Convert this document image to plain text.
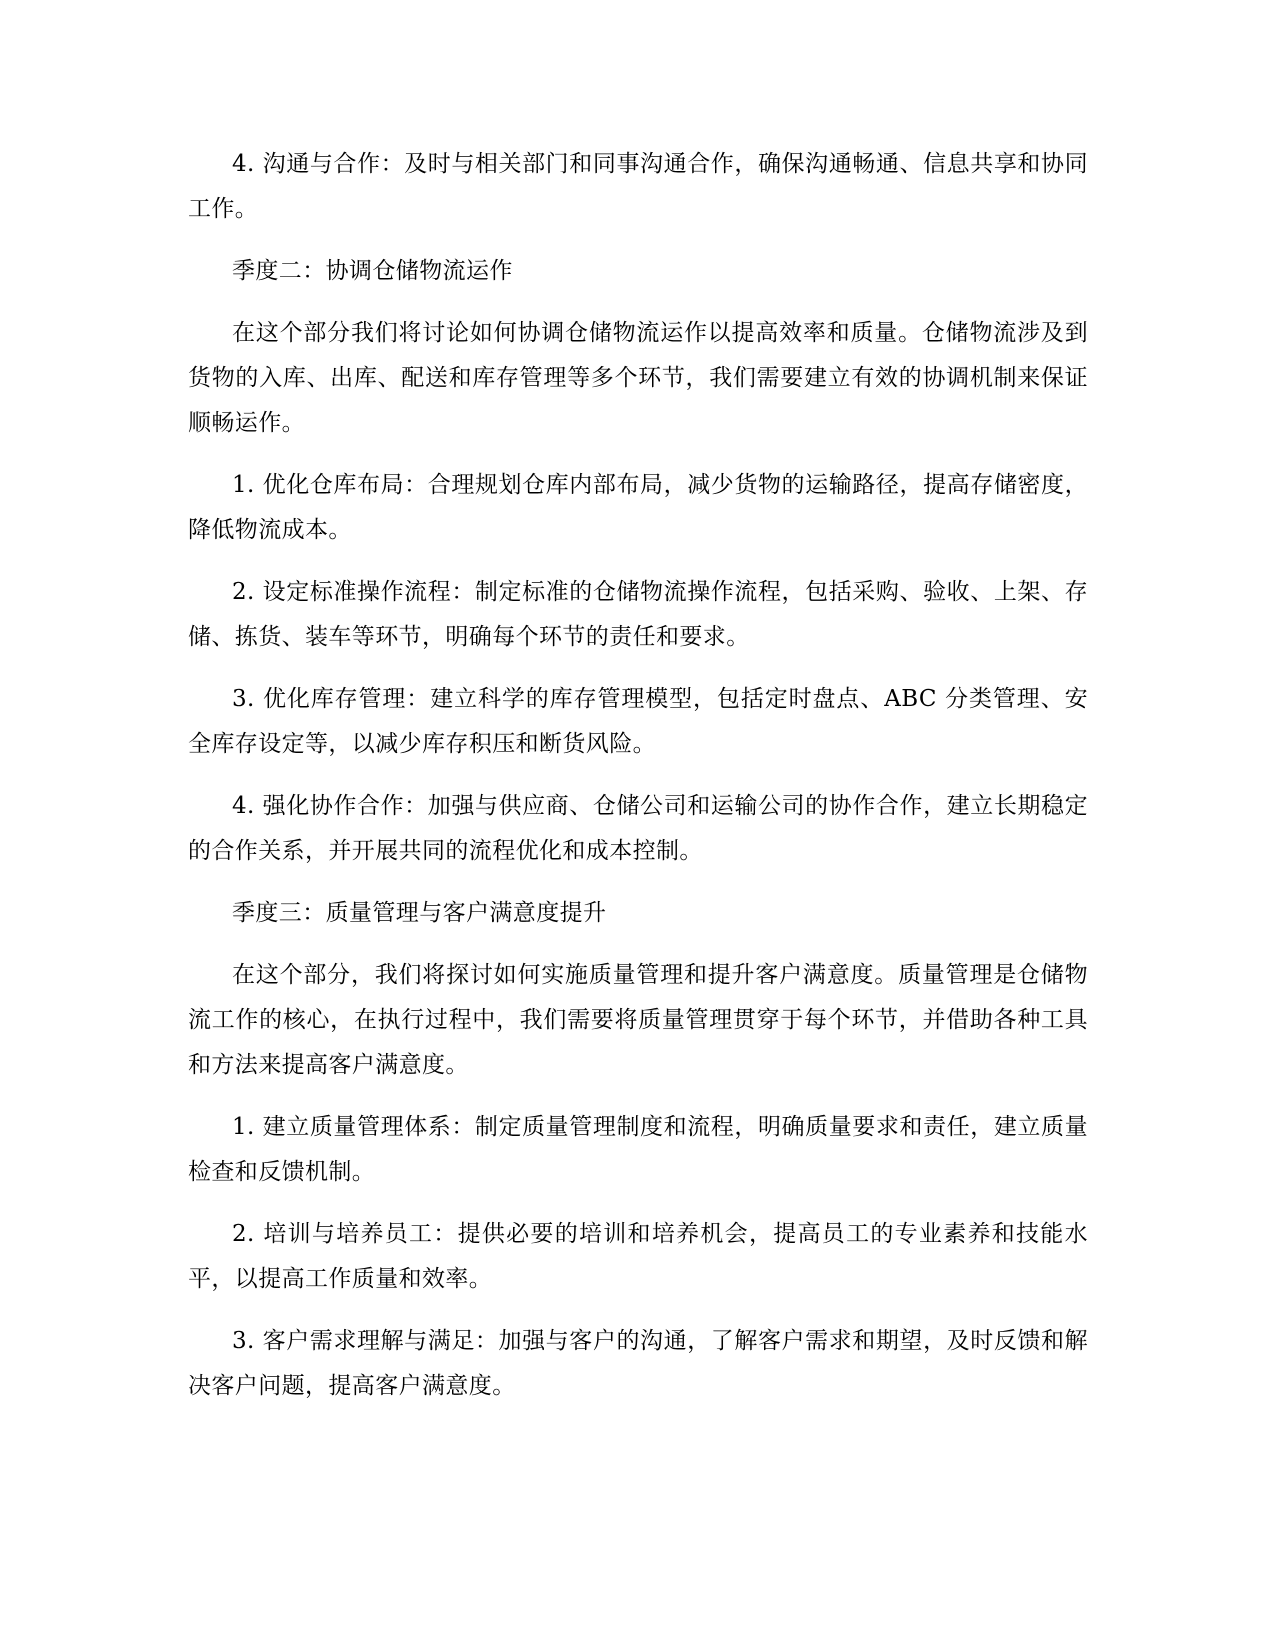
4. 沟通与合作：及时与相关部门和同事沟通合作，确保沟通畅通、信息共享和协同工作。

季度二：协调仓储物流运作

在这个部分我们将讨论如何协调仓储物流运作以提高效率和质量。仓储物流涉及到货物的入库、出库、配送和库存管理等多个环节，我们需要建立有效的协调机制来保证顺畅运作。

1. 优化仓库布局：合理规划仓库内部布局，减少货物的运输路径，提高存储密度，降低物流成本。

2. 设定标准操作流程：制定标准的仓储物流操作流程，包括采购、验收、上架、存储、拣货、装车等环节，明确每个环节的责任和要求。

3. 优化库存管理：建立科学的库存管理模型，包括定时盘点、ABC 分类管理、安全库存设定等，以减少库存积压和断货风险。

4. 强化协作合作：加强与供应商、仓储公司和运输公司的协作合作，建立长期稳定的合作关系，并开展共同的流程优化和成本控制。

季度三：质量管理与客户满意度提升

在这个部分，我们将探讨如何实施质量管理和提升客户满意度。质量管理是仓储物流工作的核心，在执行过程中，我们需要将质量管理贯穿于每个环节，并借助各种工具和方法来提高客户满意度。

1. 建立质量管理体系：制定质量管理制度和流程，明确质量要求和责任，建立质量检查和反馈机制。

2. 培训与培养员工：提供必要的培训和培养机会，提高员工的专业素养和技能水平，以提高工作质量和效率。

3. 客户需求理解与满足：加强与客户的沟通，了解客户需求和期望，及时反馈和解决客户问题，提高客户满意度。
